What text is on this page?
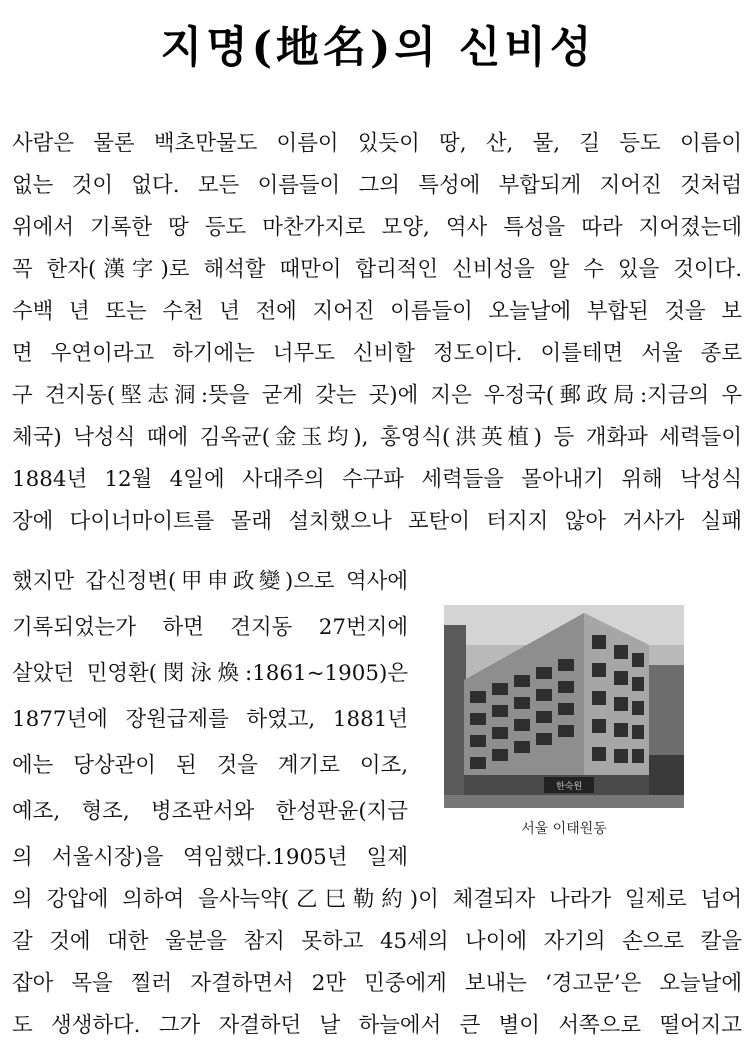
지명(地名)의 신비성
사람은 물론 백초만물도 이름이 있듯이 땅, 산, 물, 길 등도 이름이
없는 것이 없다. 모든 이름들이 그의 특성에 부합되게 지어진 것처럼
위에서 기록한 땅 등도 마찬가지로 모양, 역사 특성을 따라 지어졌는데
꼭 한자(漢字)로 해석할 때만이 합리적인 신비성을 알 수 있을 것이다.
수백 년 또는 수천 년 전에 지어진 이름들이 오늘날에 부합된 것을 보
면 우연이라고 하기에는 너무도 신비할 정도이다. 이를테면 서울 종로
구 견지동(堅志洞:뜻을 굳게 갖는 곳)에 지은 우정국(郵政局:지금의 우
체국) 낙성식 때에 김옥균(金玉均), 홍영식(洪英植) 등 개화파 세력들이
1884년 12월 4일에 사대주의 수구파 세력들을 몰아내기 위해 낙성식
장에 다이너마이트를 몰래 설치했으나 포탄이 터지지 않아 거사가 실패
했지만 갑신정변(甲申政變)으로 역사에
기록되었는가 하면 견지동 27번지에
살았던 민영환(閔泳煥:1861~1905)은
1877년에 장원급제를 하였고, 1881년
에는 당상관이 된 것을 계기로 이조,
예조, 형조, 병조판서와 한성판윤(지금
의 서울시장)을 역임했다.1905년 일제
의 강압에 의하여 을사늑약(乙巳勒約)이 체결되자 나라가 일제로 넘어
갈 것에 대한 울분을 참지 못하고 45세의 나이에 자기의 손으로 칼을
잡아 목을 찔러 자결하면서 2만 민중에게 보내는 ‘경고문’은 오늘날에
도 생생하다. 그가 자결하던 날 하늘에서 큰 별이 서쪽으로 떨어지고
한숙원
서울 이태원동
